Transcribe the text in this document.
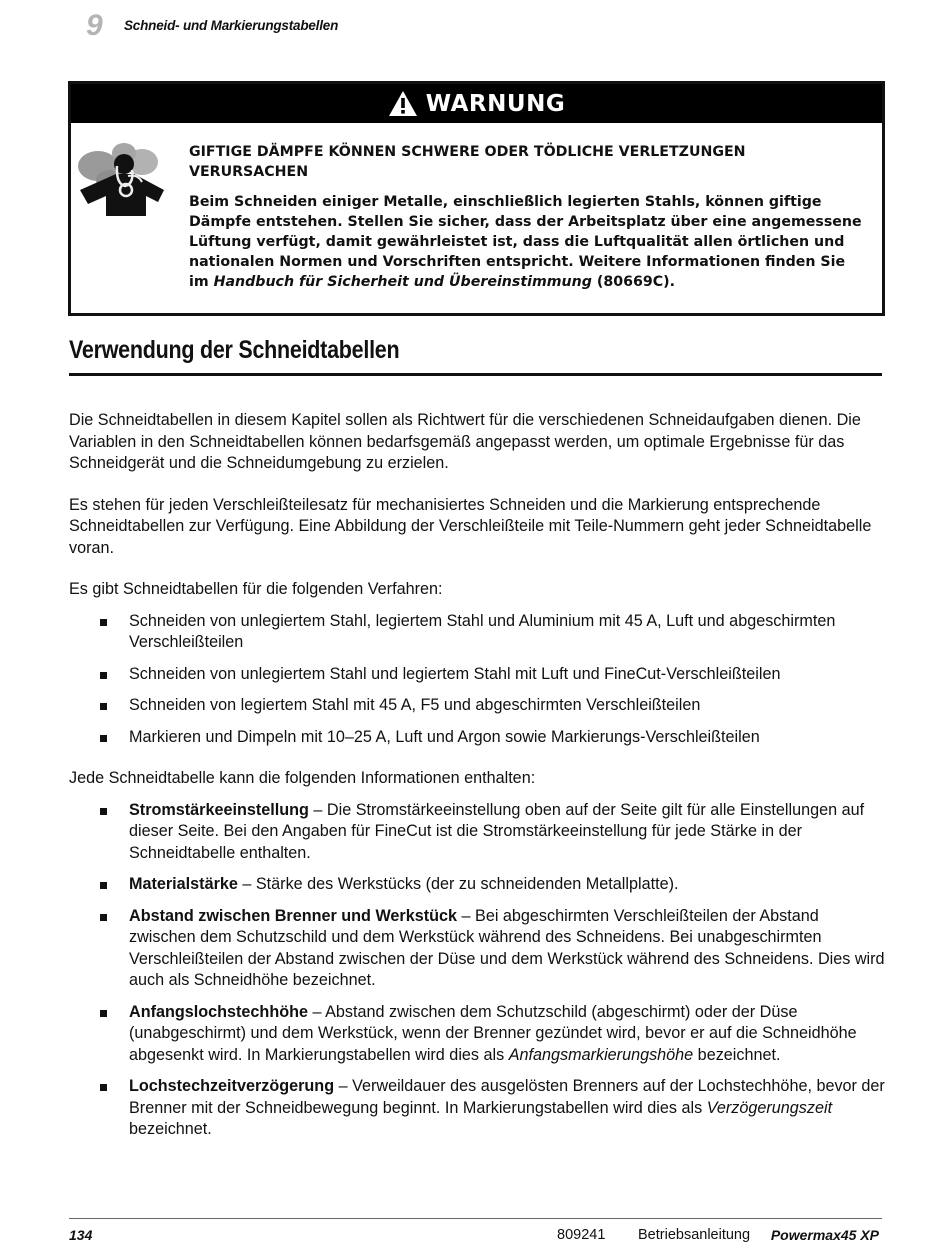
9 Schneid- und Markierungstabellen
WARNUNG

GIFTIGE DÄMPFE KÖNNEN SCHWERE ODER TÖDLICHE VERLETZUNGEN VERURSACHEN

Beim Schneiden einiger Metalle, einschließlich legierten Stahls, können giftige Dämpfe entstehen. Stellen Sie sicher, dass der Arbeitsplatz über eine angemessene Lüftung verfügt, damit gewährleistet ist, dass die Luftqualität allen örtlichen und nationalen Normen und Vorschriften entspricht. Weitere Informationen finden Sie im Handbuch für Sicherheit und Übereinstimmung (80669C).

Verwendung der Schneidtabellen

Die Schneidtabellen in diesem Kapitel sollen als Richtwert für die verschiedenen Schneidaufgaben dienen. Die Variablen in den Schneidtabellen können bedarfsgemäß angepasst werden, um optimale Ergebnisse für das Schneidgerät und die Schneidumgebung zu erzielen.

Es stehen für jeden Verschleißteilesatz für mechanisiertes Schneiden und die Markierung entsprechende Schneidtabellen zur Verfügung. Eine Abbildung der Verschleißteile mit Teile-Nummern geht jeder Schneidtabelle voran.

Es gibt Schneidtabellen für die folgenden Verfahren:

Schneiden von unlegiertem Stahl, legiertem Stahl und Aluminium mit 45 A, Luft und abgeschirmten Verschleißteilen
Schneiden von unlegiertem Stahl und legiertem Stahl mit Luft und FineCut-Verschleißteilen
Schneiden von legiertem Stahl mit 45 A, F5 und abgeschirmten Verschleißteilen
Markieren und Dimpeln mit 10–25 A, Luft und Argon sowie Markierungs-Verschleißteilen

Jede Schneidtabelle kann die folgenden Informationen enthalten:

Stromstärkeeinstellung – Die Stromstärkeeinstellung oben auf der Seite gilt für alle Einstellungen auf dieser Seite. Bei den Angaben für FineCut ist die Stromstärkeeinstellung für jede Stärke in der Schneidtabelle enthalten.
Materialstärke – Stärke des Werkstücks (der zu schneidenden Metallplatte).
Abstand zwischen Brenner und Werkstück – Bei abgeschirmten Verschleißteilen der Abstand zwischen dem Schutzschild und dem Werkstück während des Schneidens. Bei unabgeschirmten Verschleißteilen der Abstand zwischen der Düse und dem Werkstück während des Schneidens. Dies wird auch als Schneidhöhe bezeichnet.
Anfangslochstechhöhe – Abstand zwischen dem Schutzschild (abgeschirmt) oder der Düse (unabgeschirmt) und dem Werkstück, wenn der Brenner gezündet wird, bevor er auf die Schneidhöhe abgesenkt wird. In Markierungstabellen wird dies als Anfangsmarkierungshöhe bezeichnet.
Lochstechzeitverzögerung – Verweildauer des ausgelösten Brenners auf der Lochstechhöhe, bevor der Brenner mit der Schneidbewegung beginnt. In Markierungstabellen wird dies als Verzögerungszeit bezeichnet.
134	809241 Betriebsanleitung Powermax45 XP
